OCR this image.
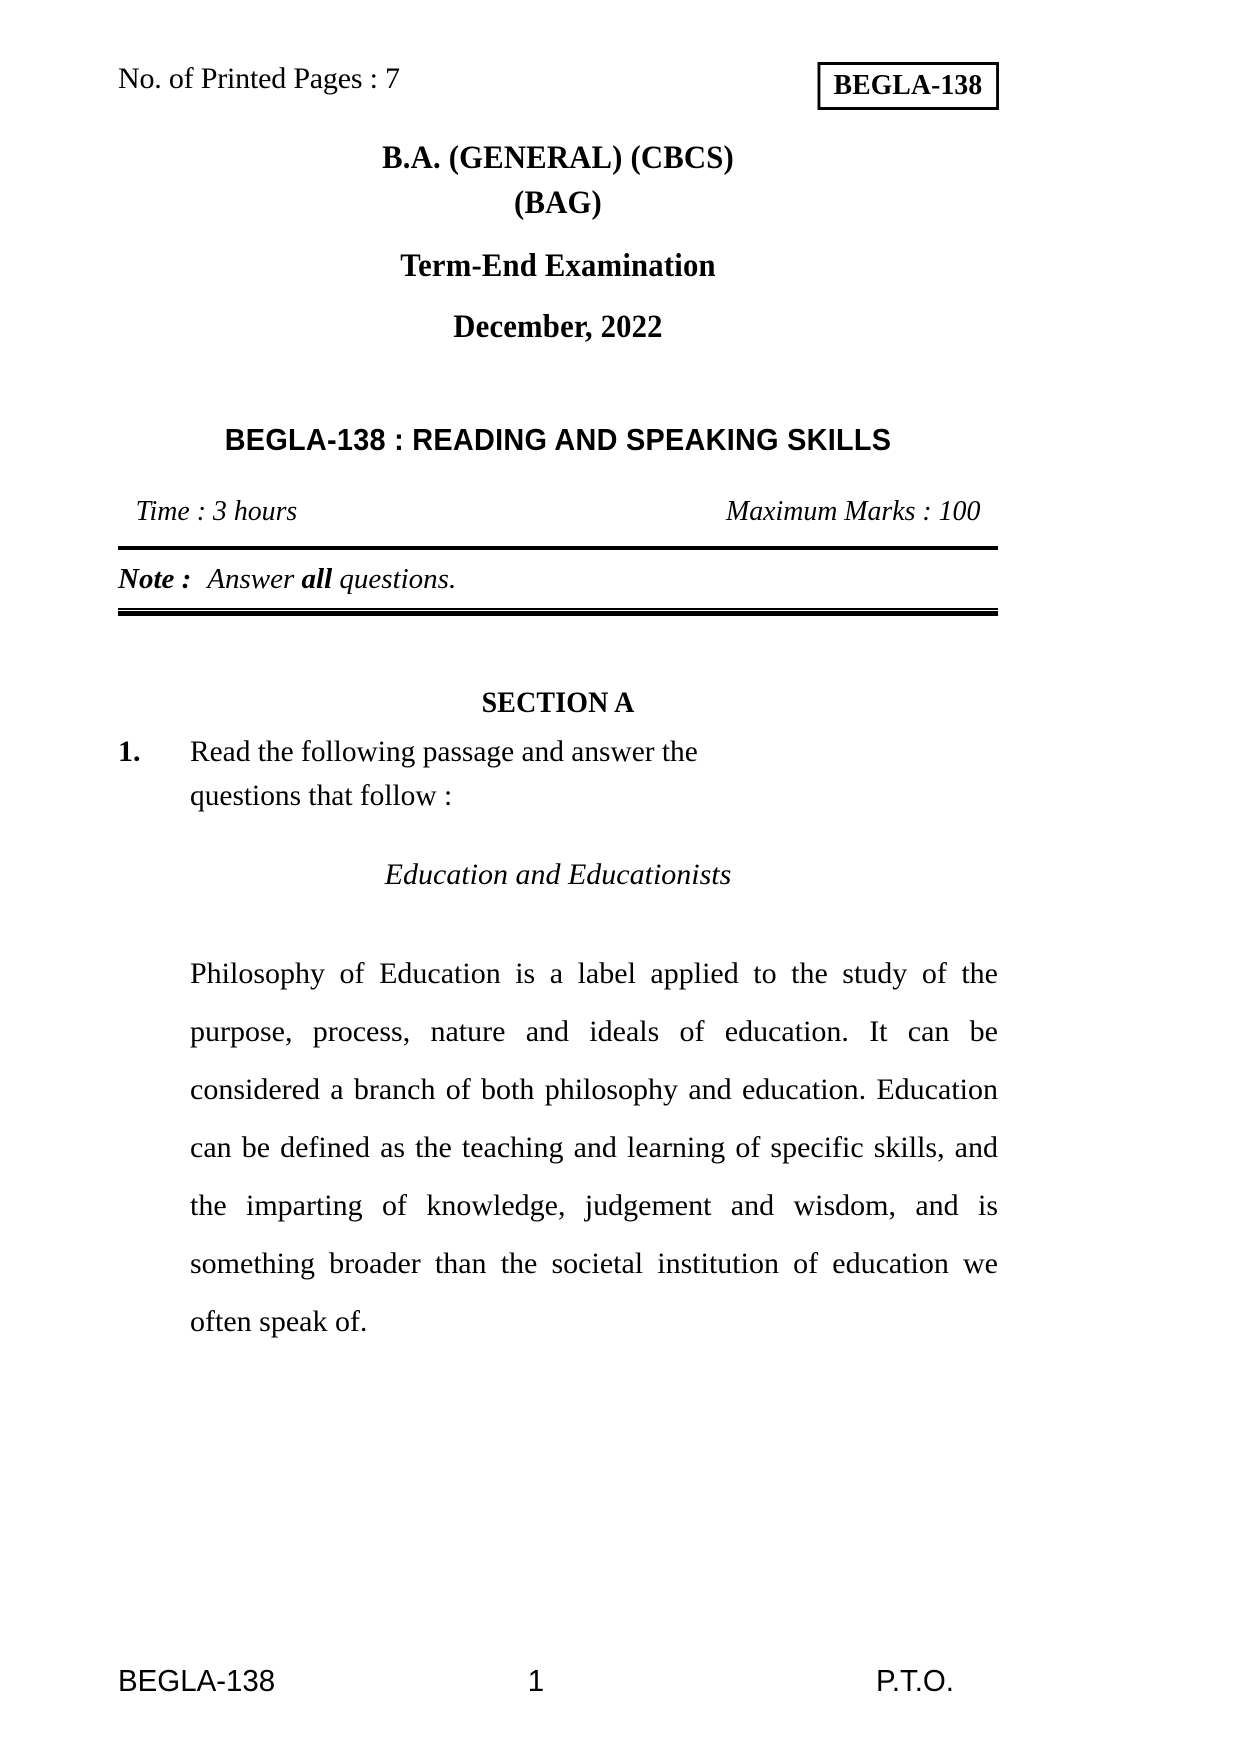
No. of Printed Pages : 7	BEGLA-138
B.A. (GENERAL) (CBCS)
(BAG)
Term-End Examination
December, 2022
BEGLA-138 : READING AND SPEAKING SKILLS
Time : 3 hours	Maximum Marks : 100
Note : Answer all questions.
SECTION A
1.	Read the following passage and answer the
questions that follow :
Education and Educationists

Philosophy of Education is a label applied to the study of the purpose, process, nature and ideals of education. It can be considered a branch of both philosophy and education. Education can be defined as the teaching and learning of specific skills, and the imparting of knowledge, judgement and wisdom, and is something broader than the societal institution of education we often speak of.

BEGLA-138	1	P.T.O.
